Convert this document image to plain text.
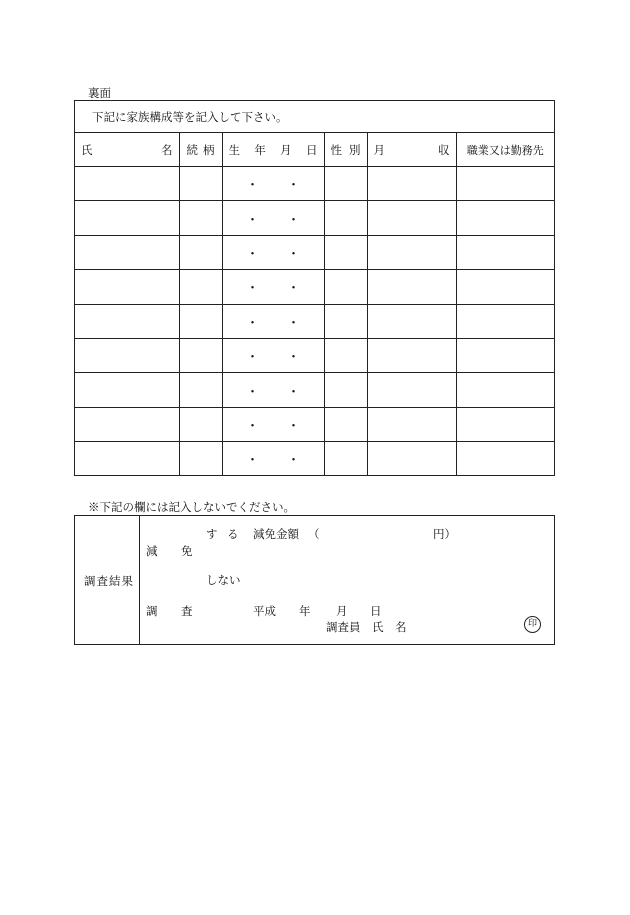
裏面
下記に家族構成等を記入して下さい。
氏 名	続 柄	生 年 月 日	性 別	月 収	職業又は勤務先

		・ ・			

		・ ・			

		・ ・			

		・ ・			

		・ ・			

		・ ・			

		・ ・			

		・ ・			

		・ ・			

※下記の欄には記入しないでください。
調査結果
す る 減免金額 （	円）
減 免
しない
調 査	平成 年 月 日
調査員 氏 名	印
